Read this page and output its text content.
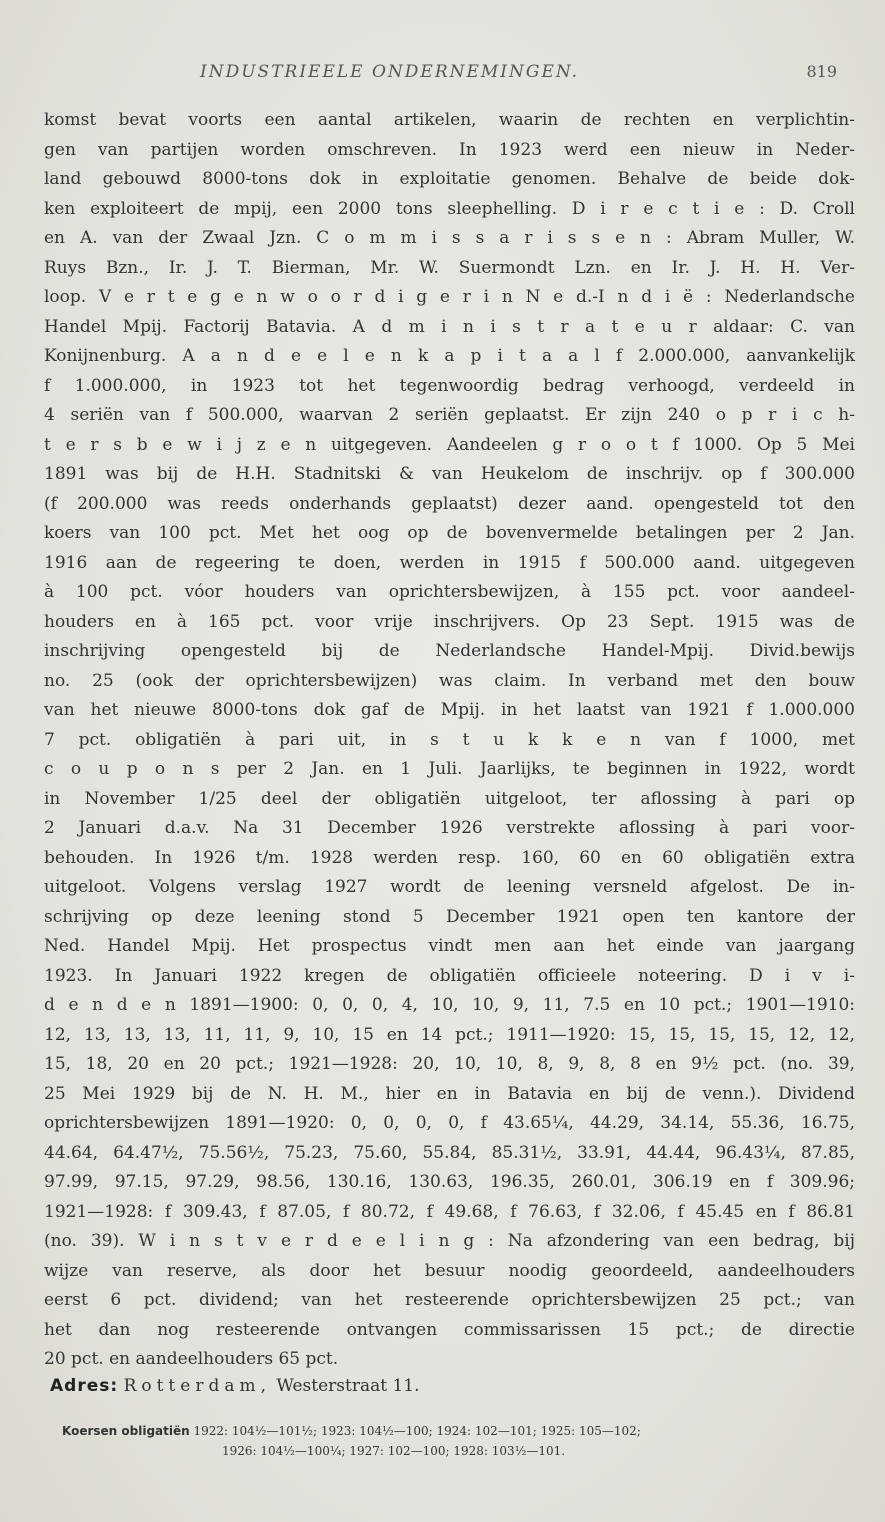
INDUSTRIEELE ONDERNEMINGEN.	819
komst bevat voorts een aantal artikelen, waarin de rechten en verplichtin-
gen van partijen worden omschreven. In 1923 werd een nieuw in Neder-
land gebouwd 8000-tons dok in exploitatie genomen. Behalve de beide dok-
ken exploiteert de mpij, een 2000 tons sleephelling. D i r e c t i e : D. Croll
en A. van der Zwaal Jzn. C o m m i s s a r i s s e n : Abram Muller, W.
Ruys Bzn., Ir. J. T. Bierman, Mr. W. Suermondt Lzn. en Ir. J. H. H. Ver-
loop. V e r t e g e n w o o r d i g e r i n N e d.-I n d i ë : Nederlandsche
Handel Mpij. Factorij Batavia. A d m i n i s t r a t e u r aldaar: C. van
Konijnenburg. A a n d e e l e n k a p i t a a l f 2.000.000, aanvankelijk
f 1.000.000, in 1923 tot het tegenwoordig bedrag verhoogd, verdeeld in
4 seriën van f 500.000, waarvan 2 seriën geplaatst. Er zijn 240 o p r i c h-
t e r s b e w i j z e n uitgegeven. Aandeelen g r o o t f 1000. Op 5 Mei
1891 was bij de H.H. Stadnitski & van Heukelom de inschrijv. op f 300.000
(f 200.000 was reeds onderhands geplaatst) dezer aand. opengesteld tot den
koers van 100 pct. Met het oog op de bovenvermelde betalingen per 2 Jan.
1916 aan de regeering te doen, werden in 1915 f 500.000 aand. uitgegeven
à 100 pct. vóor houders van oprichtersbewijzen, à 155 pct. voor aandeel-
houders en à 165 pct. voor vrije inschrijvers. Op 23 Sept. 1915 was de
inschrijving opengesteld bij de Nederlandsche Handel-Mpij. Divid.bewijs
no. 25 (ook der oprichtersbewijzen) was claim. In verband met den bouw
van het nieuwe 8000-tons dok gaf de Mpij. in het laatst van 1921 f 1.000.000
7 pct. obligatiën à pari uit, in s t u k k e n van f 1000, met
c o u p o n s per 2 Jan. en 1 Juli. Jaarlijks, te beginnen in 1922, wordt
in November 1/25 deel der obligatiën uitgeloot, ter aflossing à pari op
2 Januari d.a.v. Na 31 December 1926 verstrekte aflossing à pari voor-
behouden. In 1926 t/m. 1928 werden resp. 160, 60 en 60 obligatiën extra
uitgeloot. Volgens verslag 1927 wordt de leening versneld afgelost. De in-
schrijving op deze leening stond 5 December 1921 open ten kantore der
Ned. Handel Mpij. Het prospectus vindt men aan het einde van jaargang
1923. In Januari 1922 kregen de obligatiën officieele noteering. D i v i-
d e n d e n 1891—1900: 0, 0, 0, 4, 10, 10, 9, 11, 7.5 en 10 pct.; 1901—1910:
12, 13, 13, 13, 11, 11, 9, 10, 15 en 14 pct.; 1911—1920: 15, 15, 15, 15, 12, 12,
15, 18, 20 en 20 pct.; 1921—1928: 20, 10, 10, 8, 9, 8, 8 en 9½ pct. (no. 39,
25 Mei 1929 bij de N. H. M., hier en in Batavia en bij de venn.). Dividend
oprichtersbewijzen 1891—1920: 0, 0, 0, 0, f 43.65¼, 44.29, 34.14, 55.36, 16.75,
44.64, 64.47½, 75.56½, 75.23, 75.60, 55.84, 85.31½, 33.91, 44.44, 96.43¼, 87.85,
97.99, 97.15, 97.29, 98.56, 130.16, 130.63, 196.35, 260.01, 306.19 en f 309.96;
1921—1928: f 309.43, f 87.05, f 80.72, f 49.68, f 76.63, f 32.06, f 45.45 en f 86.81
(no. 39). W i n s t v e r d e e l i n g : Na afzondering van een bedrag, bij
wijze van reserve, als door het besuur noodig geoordeeld, aandeelhouders
eerst 6 pct. dividend; van het resteerende oprichtersbewijzen 25 pct.; van
het dan nog resteerende ontvangen commissarissen 15 pct.; de directie
20 pct. en aandeelhouders 65 pct.
Adres: Rotterdam, Westerstraat 11.
Koersen obligatiën 1922: 104½—101½; 1923: 104½—100; 1924: 102—101; 1925: 105—102;
1926: 104½—100¼; 1927: 102—100; 1928: 103½—101.
